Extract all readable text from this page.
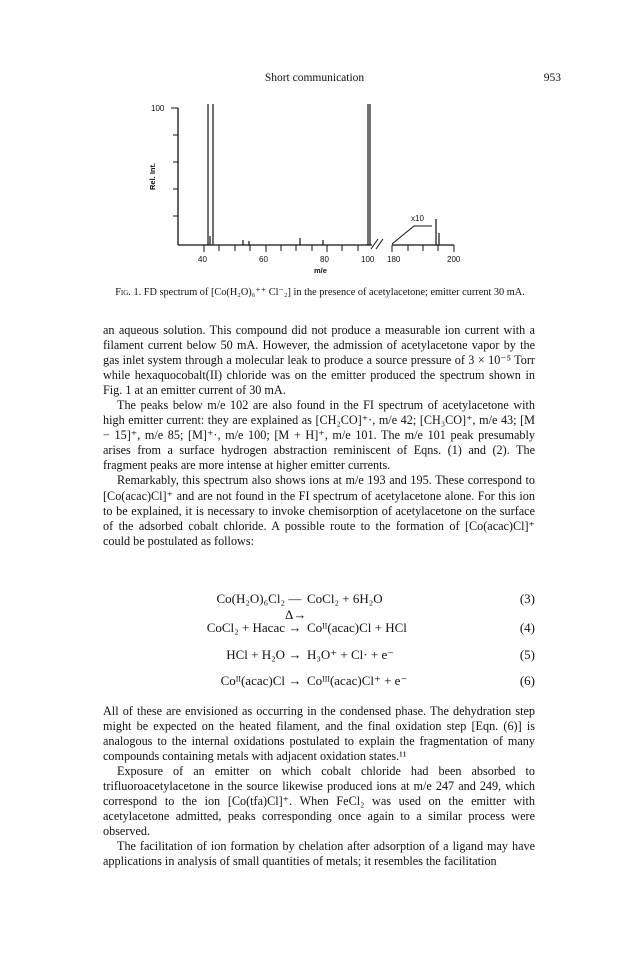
Short communication	953
100
Rel. Int.
x10
40	60	80	100 180	200
m/e
Fig. 1. FD spectrum of [Co(H₂O)₆⁺⁺ Cl⁻₂] in the presence of acetylacetone; emitter current 30 mA.

an aqueous solution. This compound did not produce a measurable ion current with a filament current below 50 mA. However, the admission of acetylacetone vapor by the gas inlet system through a molecular leak to produce a source pressure of 3 × 10⁻⁵ Torr while hexaquocobalt(II) chloride was on the emitter produced the spectrum shown in Fig. 1 at an emitter current of 30 mA.

The peaks below m/e 102 are also found in the FI spectrum of acetylacetone with high emitter current: they are explained as [CH₂CO]⁺·, m/e 42; [CH₃CO]⁺, m/e 43; [M − 15]⁺, m/e 85; [M]⁺·, m/e 100; [M + H]⁺, m/e 101. The m/e 101 peak presumably arises from a surface hydrogen abstraction reminiscent of Eqns. (1) and (2). The fragment peaks are more intense at higher emitter currents.

Remarkably, this spectrum also shows ions at m/e 193 and 195. These correspond to [Co(acac)Cl]⁺ and are not found in the FI spectrum of acetylacetone alone. For this ion to be explained, it is necessary to invoke chemisorption of acetylacetone on the surface of the adsorbed cobalt chloride. A possible route to the formation of [Co(acac)Cl]⁺ could be postulated as follows:

Co(H₂O)₆Cl₂ —Δ→
CoCl₂ + 6H₂O	(3)
CoCl₂ + Hacac → Coᴵᴵ(acac)Cl + HCl	(4)
HCl + H₂O → H₃O⁺ + Cl· + e⁻	(5)
Coᴵᴵ(acac)Cl → Coᴵᴵᴵ(acac)Cl⁺ + e⁻	(6)

All of these are envisioned as occurring in the condensed phase. The dehydration step might be expected on the heated filament, and the final oxidation step [Eqn. (6)] is analogous to the internal oxidations postulated to explain the fragmentation of many compounds containing metals with adjacent oxidation states.¹¹

Exposure of an emitter on which cobalt chloride had been absorbed to trifluoroacetylacetone in the source likewise produced ions at m/e 247 and 249, which correspond to the ion [Co(tfa)Cl]⁺. When FeCl₂ was used on the emitter with acetylacetone admitted, peaks corresponding once again to a similar process were observed.

The facilitation of ion formation by chelation after adsorption of a ligand may have applications in analysis of small quantities of metals; it resembles the facilitation
